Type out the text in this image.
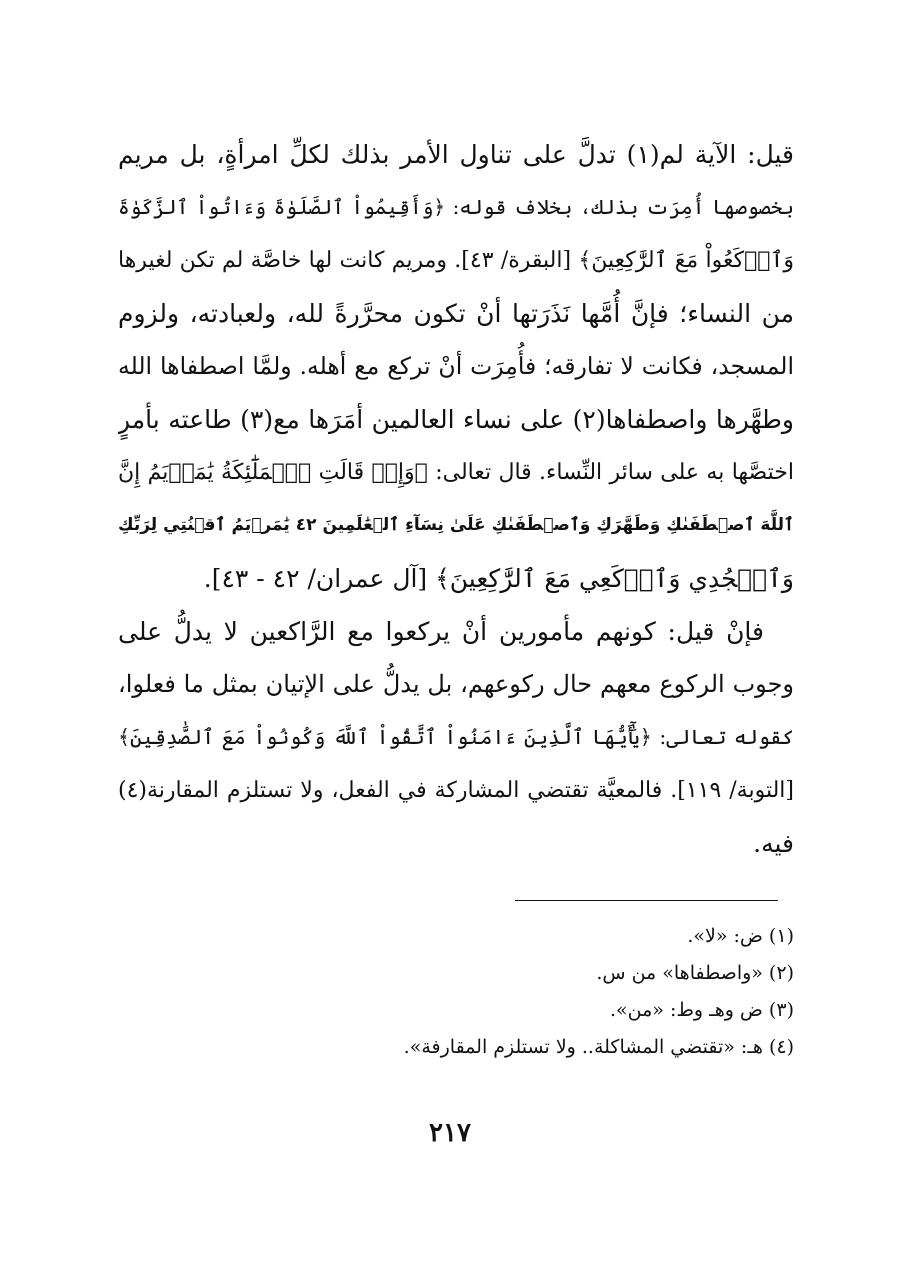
قيل: الآية لم(١) تدلَّ على تناول الأمر بذلك لكلِّ امرأةٍ، بل مريم
بخصوصها أُمِرَت بذلك، بخلاف قوله: ﴿وَأَقِيمُواْ ٱلصَّلَوٰةَ وَءَاتُواْ ٱلزَّكَوٰةَ
وَٱرۡكَعُواْ مَعَ ٱلرَّٰكِعِينَ﴾ [البقرة/ ٤٣]. ومريم كانت لها خاصَّة لم تكن لغيرها
من النساء؛ فإنَّ أُمَّها نَذَرَتها أنْ تكون محرَّرةً لله، ولعبادته، ولزوم
المسجد، فكانت لا تفارقه؛ فأُمِرَت أنْ تركع مع أهله. ولمَّا اصطفاها الله
وطهَّرها واصطفاها(٢) على نساء العالمين أمَرَها مع(٣) طاعته بأمرٍ
اختصَّها به على سائر النِّساء. قال تعالى: ﴿وَإِذۡ قَالَتِ ٱلۡمَلَٰٓئِكَةُ يَٰمَرۡيَمُ إِنَّ
ٱللَّهَ ٱصۡطَفَىٰكِ وَطَهَّرَكِ وَٱصۡطَفَىٰكِ عَلَىٰ نِسَآءِ ٱلۡعَٰلَمِينَ ٤٢ يَٰمَرۡيَمُ ٱقۡنُتِي لِرَبِّكِ
وَٱسۡجُدِي وَٱرۡكَعِي مَعَ ٱلرَّٰكِعِينَ﴾ [آل عمران/ ٤٢ - ٤٣].
فإنْ قيل: كونهم مأمورين أنْ يركعوا مع الرَّاكعين لا يدلُّ على
وجوب الركوع معهم حال ركوعهم، بل يدلُّ على الإتيان بمثل ما فعلوا،
كقوله تعالى: ﴿يَٰٓأَيُّهَا ٱلَّذِينَ ءَامَنُواْ ٱتَّقُواْ ٱللَّهَ وَكُونُواْ مَعَ ٱلصَّٰدِقِينَ﴾
[التوبة/ ١١٩]. فالمعيَّة تقتضي المشاركة في الفعل، ولا تستلزم المقارنة(٤)
فيه.
(١) ض: «لا».
(٢) «واصطفاها» من س.
(٣) ض وهـ وط: «من».
(٤) هـ: «تقتضي المشاكلة.. ولا تستلزم المقارفة».
٢١٧
